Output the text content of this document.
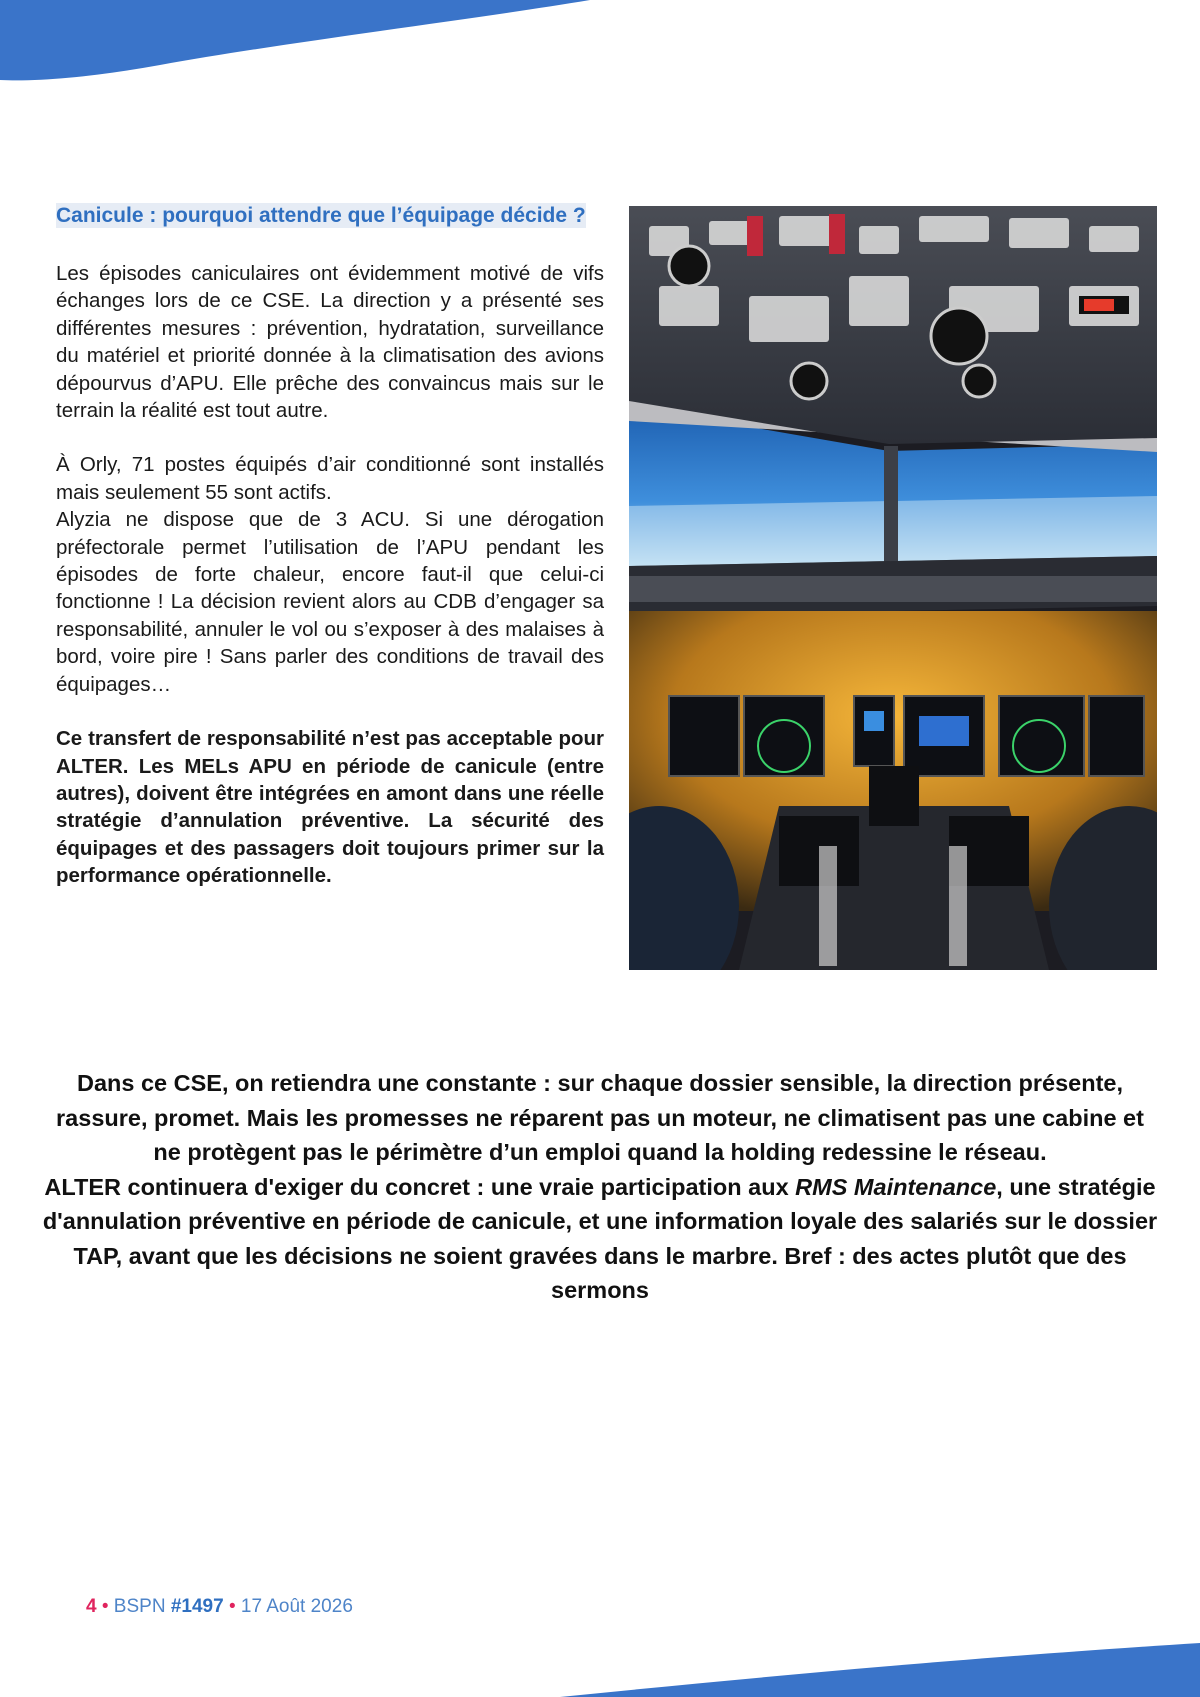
Canicule : pourquoi attendre que l’équipage décide ?

Les épisodes caniculaires ont évidemment motivé de vifs échanges lors de ce CSE. La direction y a présenté ses différentes mesures : prévention, hydratation, surveillance du matériel et priorité donnée à la climatisation des avions dépourvus d’APU. Elle prêche des convaincus mais sur le terrain la réalité est tout autre.

À Orly, 71 postes équipés d’air conditionné sont installés mais seulement 55 sont actifs.

Alyzia ne dispose que de 3 ACU. Si une dérogation préfectorale permet l’utilisation de l’APU pendant les épisodes de forte chaleur, encore faut-il que celui-ci fonctionne ! La décision revient alors au CDB d’engager sa responsabilité, annuler le vol ou s’exposer à des malaises à bord, voire pire ! Sans parler des conditions de travail des équipages…

Ce transfert de responsabilité n’est pas acceptable pour ALTER. Les MELs APU en période de canicule (entre autres), doivent être intégrées en amont dans une réelle stratégie d’annulation préventive. La sécurité des équipages et des passagers doit toujours primer sur la performance opérationnelle.

Dans ce CSE, on retiendra une constante : sur chaque dossier sensible, la direction présente, rassure, promet. Mais les promesses ne réparent pas un moteur, ne climatisent pas une cabine et ne protègent pas le périmètre d’un emploi quand la holding redessine le réseau.
ALTER continuera d'exiger du concret : une vraie participation aux RMS Maintenance, une stratégie d'annulation préventive en période de canicule, et une information loyale des salariés sur le dossier TAP, avant que les décisions ne soient gravées dans le marbre. Bref : des actes plutôt que des sermons
4 • BSPN #1497 • 17 Août 2026
